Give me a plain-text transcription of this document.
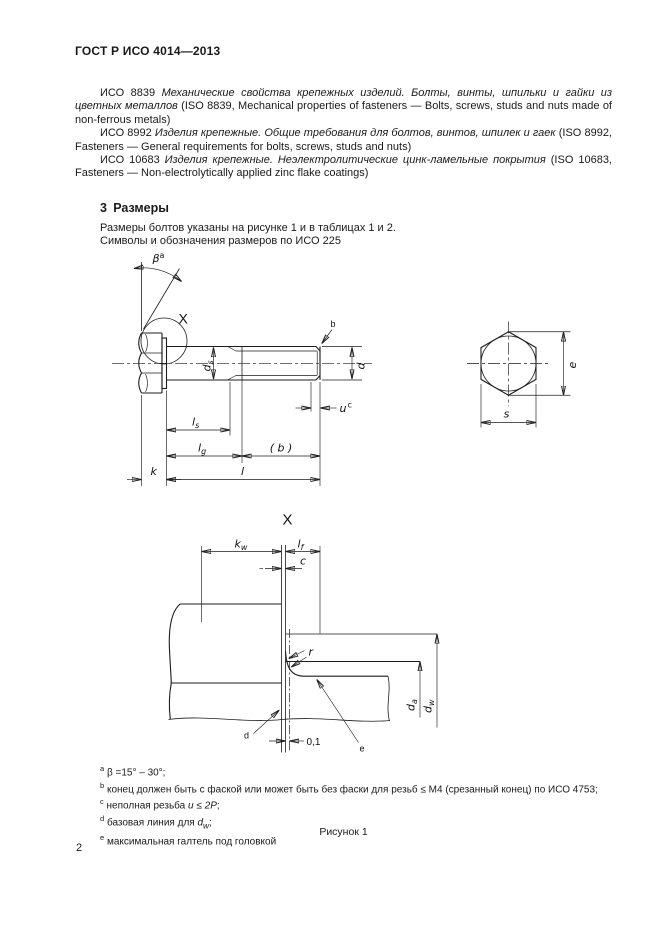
ГОСТ Р ИСО 4014—2013

ИСО 8839 Механические свойства крепежных изделий. Болты, винты, шпильки и гайки из цветных металлов (ISO 8839, Mechanical properties of fasteners — Bolts, screws, studs and nuts made of non-ferrous metals)

ИСО 8992 Изделия крепежные. Общие требования для болтов, винтов, шпилек и гаек (ISO 8992, Fasteners — General requirements for bolts, screws, studs and nuts)

ИСО 10683 Изделия крепежные. Неэлектролитические цинк-ламельные покрытия (ISO 10683, Fasteners — Non-electrolytically applied zinc flake coatings)

3 Размеры

Размеры болтов указаны на рисунке 1 и в таблицах 1 и 2.

Символы и обозначения размеров по ИСО 225

$\beta^a$
X	b
$d_s$
d
$u^c$
$l_s$
$l_g$	( b )
k	l
e
s
X
$k_w$	$l_f$
c
$d_a$
$d_w$
r
e
d
0,1
$^a$ β =15° – 30°;
$^b$ конец должен быть с фаской или может быть без фаски для резьб ≤ М4 (срезанный конец) по ИСО 4753;
$^c$ неполная резьба u ≤ 2P;
$^d$ базовая линия для $d_w$;
$^e$ максимальная галтель под головкой
Рисунок 1
2
